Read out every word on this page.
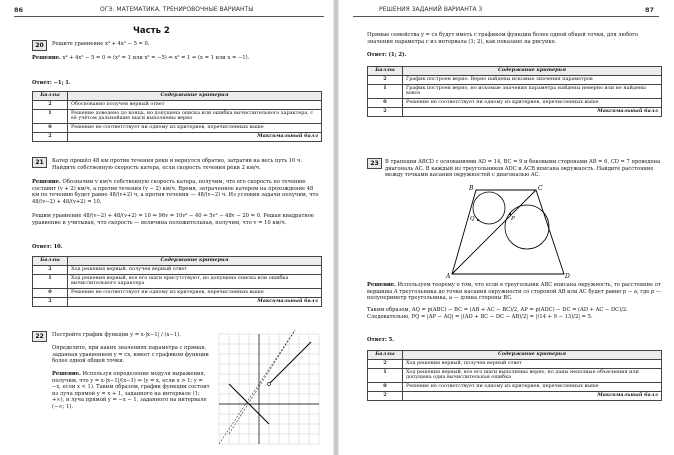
86	ОГЭ. МАТЕМАТИКА. ТРЕНИРОВОЧНЫЕ ВАРИАНТЫ
Часть 2
20	Решите уравнение x⁴ + 4x² − 5 = 0.
Решение. x⁴ + 4x² − 5 = 0 ⇔ (x² = 1 или x² = −5) ⇔ x² = 1 ⇔ (x = 1 или x = −1).
Ответ: −1; 1.
Баллы	Содержание критерия
2	Обоснованно получен верный ответ
1	Решение доведено до конца, но допущена описка или ошибка вычислительного характера, с её учётом дальнейшие шаги выполнены верно
0	Решение не соответствует ни одному из критериев, перечисленных выше
2	Максимальный балл
21	Катер прошёл 48 км против течения реки и вернулся обратно, затратив на весь путь 10 ч. Найдите собственную скорость катера, если скорость течения реки 2 км/ч.
Решение. Обозначим v км/ч собственную скорость катера, получим, что его скорость по течению составит (v + 2) км/ч, а против течения (v − 2) км/ч. Время, затраченное катером на прохождение 48 км по течению будет равно 48/(v+2) ч, а против течения — 48/(v−2) ч. Из условия задачи получим, что 48/(v−2) + 48/(v+2) = 10.
Решим уравнение 48/(v−2) + 48/(v+2) = 10 ⇔ 96v = 10v² − 40 ⇔ 5v² − 48v − 20 = 0. Решая квадратное уравнение и учитывая, что скорость — величина положительная, получим, что v = 10 км/ч.
Ответ: 10.
Баллы	Содержание критерия
2	Ход решения верный, получен верный ответ
1	Ход решения верный, все его шаги присутствуют, но допущена описка или ошибка вычислительного характера
0	Решение не соответствует ни одному из критериев, перечисленных выше
2	Максимальный балл
22	Постройте график функции y = x·|x−1| / (x−1).
Определите, при каких значениях параметра c прямая, заданная уравнением y = cx, имеет с графиком функции более одной общей точки.
Решение. Используя определение модуля выражения, получим, что y = x·|x−1|/(x−1) ⇔ (y = x, если x > 1; y = −x, если x < 1). Таким образом, график функции состоит из луча прямой y = x + 1, заданного на интервале (1; +∞), и луча прямой y = −x − 1, заданного на интервале (−∞; 1).
РЕШЕНИЯ ЗАДАНИЙ ВАРИАНТА 3	87
Прямые семейства y = cx будут иметь с графиком функции более одной общей точки, для любого значения параметра c из интервала (1; 2), как показано на рисунке.
Ответ: (1; 2).
Баллы	Содержание критерия
2	График построен верно. Верно найдены искомые значения параметров
1	График построен верно, но искомые значения параметра найдены неверно или не найдены вовсе
0	Решение не соответствует ни одному из критериев, перечисленных выше
2	Максимальный балл
23	В трапеции ABCD с основаниями AD = 14, BC = 9 и боковыми сторонами AB = 6, CD = 7 проведена диагональ AC. В каждый из треугольников ADC и ACB вписана окружность. Найдите расстояние между точками касания окружностей с диагональю AC.
A
B	C
D
Q	P
Решение. Используем теорему о том, что если в треугольник ABC вписана окружность, то расстояние от вершины A треугольника до точки касания окружности со стороной AB или AC будет равно p − a, где p — полупериметр треугольника, a — длина стороны BC.
Таким образом, AQ = p(ABC) − BC = (AB + AC − BC)/2, AP = p(ADC) − DC = (AD + AC − DC)/2. Следовательно, PQ = |AP − AQ| = |(AD + BC − DC − AB)/2| = |(14 + 9 − 13)/2| = 5.
Ответ: 5.
Баллы	Содержание критерия
2	Ход решения верный, получен верный ответ
1	Ход решения верный, все его шаги выполнены верно, но даны неполные объяснения или допущена одна вычислительная ошибка
0	Решение не соответствует ни одному из критериев, перечисленных выше
2	Максимальный балл
